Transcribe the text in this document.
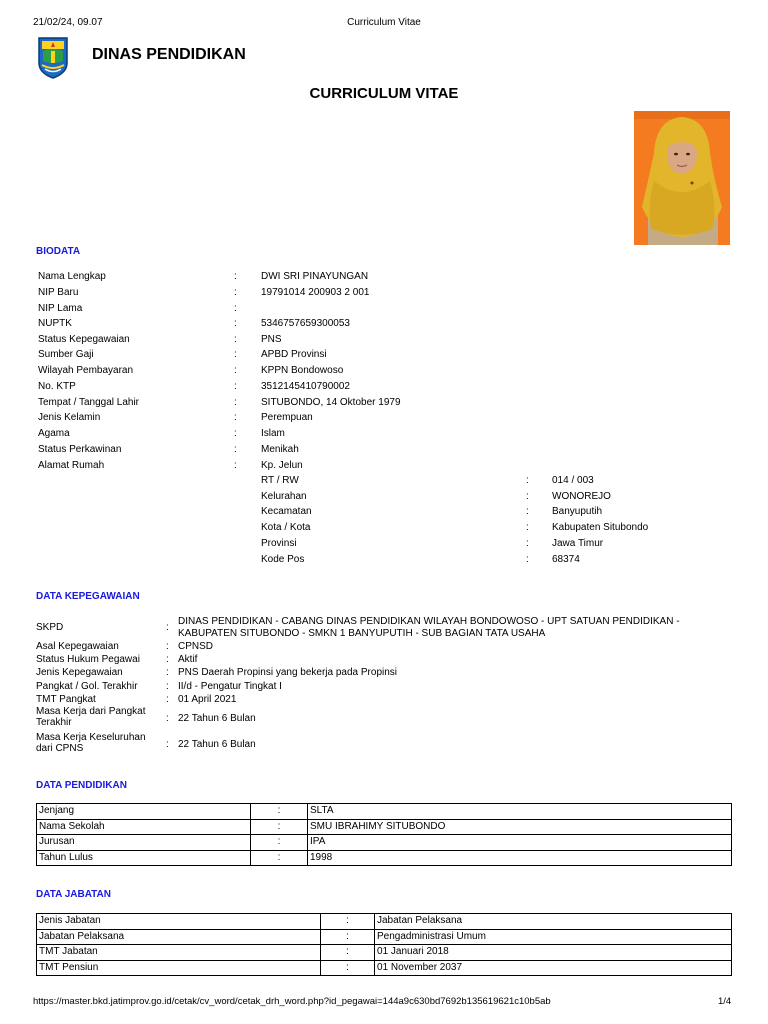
21/02/24, 09.07	Curriculum Vitae
DINAS PENDIDIKAN
CURRICULUM VITAE
BIODATA
Nama Lengkap	: DWI SRI PINAYUNGAN
NIP Baru	: 19791014 200903 2 001
NIP Lama	:
NUPTK	: 5346757659300053
Status Kepegawaian	: PNS
Sumber Gaji	: APBD Provinsi
Wilayah Pembayaran	: KPPN Bondowoso
No. KTP	: 3512145410790002
Tempat / Tanggal Lahir	: SITUBONDO, 14 Oktober 1979
Jenis Kelamin	: Perempuan
Agama	: Islam
Status Perkawinan	: Menikah
Alamat Rumah	: Kp. Jelun
RT / RW	: 014 / 003
Kelurahan	: WONOREJO
Kecamatan	: Banyuputih
Kota / Kota	: Kabupaten Situbondo
Provinsi	: Jawa Timur
Kode Pos	: 68374
DATA KEPEGAWAIAN
SKPD	:
DINAS PENDIDIKAN - CABANG DINAS PENDIDIKAN WILAYAH BONDOWOSO - UPT SATUAN PENDIDIKAN -
KABUPATEN SITUBONDO - SMKN 1 BANYUPUTIH - SUB BAGIAN TATA USAHA
Asal Kepegawaian	: CPNSD
Status Hukum Pegawai	: Aktif
Jenis Kepegawaian	: PNS Daerah Propinsi yang bekerja pada Propinsi
Pangkat / Gol. Terakhir	: II/d - Pengatur Tingkat I
TMT Pangkat	: 01 April 2021
Masa Kerja dari Pangkat
Terakhir	: 22 Tahun 6 Bulan
Masa Kerja Keseluruhan
dari CPNS	: 22 Tahun 6 Bulan
DATA PENDIDIKAN
Jenjang	:	SLTA
Nama Sekolah	:	SMU IBRAHIMY SITUBONDO
Jurusan	:	IPA
Tahun Lulus	:	1998
DATA JABATAN
Jenis Jabatan	:	Jabatan Pelaksana
Jabatan Pelaksana	:	Pengadministrasi Umum
TMT Jabatan	:	01 Januari 2018
TMT Pensiun	:	01 November 2037
https://master.bkd.jatimprov.go.id/cetak/cv_word/cetak_drh_word.php?id_pegawai=144a9c630bd7692b135619621c10b5ab	1/4
